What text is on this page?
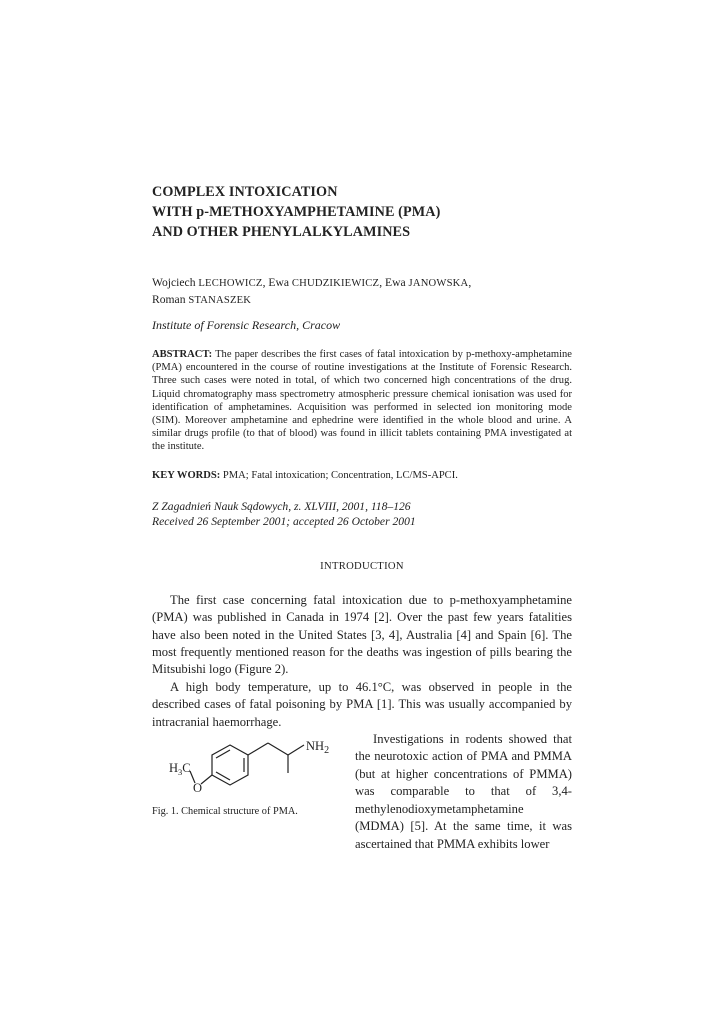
COMPLEX INTOXICATION
WITH p-METHOXYAMPHETAMINE (PMA)
AND OTHER PHENYLALKYLAMINES
Wojciech LECHOWICZ, Ewa CHUDZIKIEWICZ, Ewa JANOWSKA,
Roman STANASZEK
Institute of Forensic Research, Cracow
ABSTRACT: The paper describes the first cases of fatal intoxication by p-methoxy-amphetamine (PMA) encountered in the course of routine investigations at the Institute of Forensic Research. Three such cases were noted in total, of which two concerned high concentrations of the drug. Liquid chromatography mass spectrometry atmospheric pressure chemical ionisation was used for identification of amphetamines. Acquisition was performed in selected ion monitoring mode (SIM). Moreover amphetamine and ephedrine were identified in the whole blood and urine. A similar drugs profile (to that of blood) was found in illicit tablets containing PMA investigated at the institute.
KEY WORDS: PMA; Fatal intoxication; Concentration, LC/MS-APCI.
Z Zagadnień Nauk Sądowych, z. XLVIII, 2001, 118–126
Received 26 September 2001; accepted 26 October 2001
INTRODUCTION

The first case concerning fatal intoxication due to p-methoxyamphetamine (PMA) was published in Canada in 1974 [2]. Over the past few years fatalities have also been noted in the United States [3, 4], Australia [4] and Spain [6]. The most frequently mentioned reason for the deaths was ingestion of pills bearing the Mitsubishi logo (Figure 2).

A high body temperature, up to 46.1°C, was observed in people in the described cases of fatal poisoning by PMA [1]. This was usually accompanied by intracranial haemorrhage.

$NH_2$
$H_3C$
O
Fig. 1. Chemical structure of PMA.

Investigations in rodents showed that the neurotoxic action of PMA and PMMA (but at higher concentrations of PMMA) was comparable to that of 3,4-methylenodioxymetamphetamine (MDMA) [5]. At the same time, it was ascertained that PMMA exhibits lower
